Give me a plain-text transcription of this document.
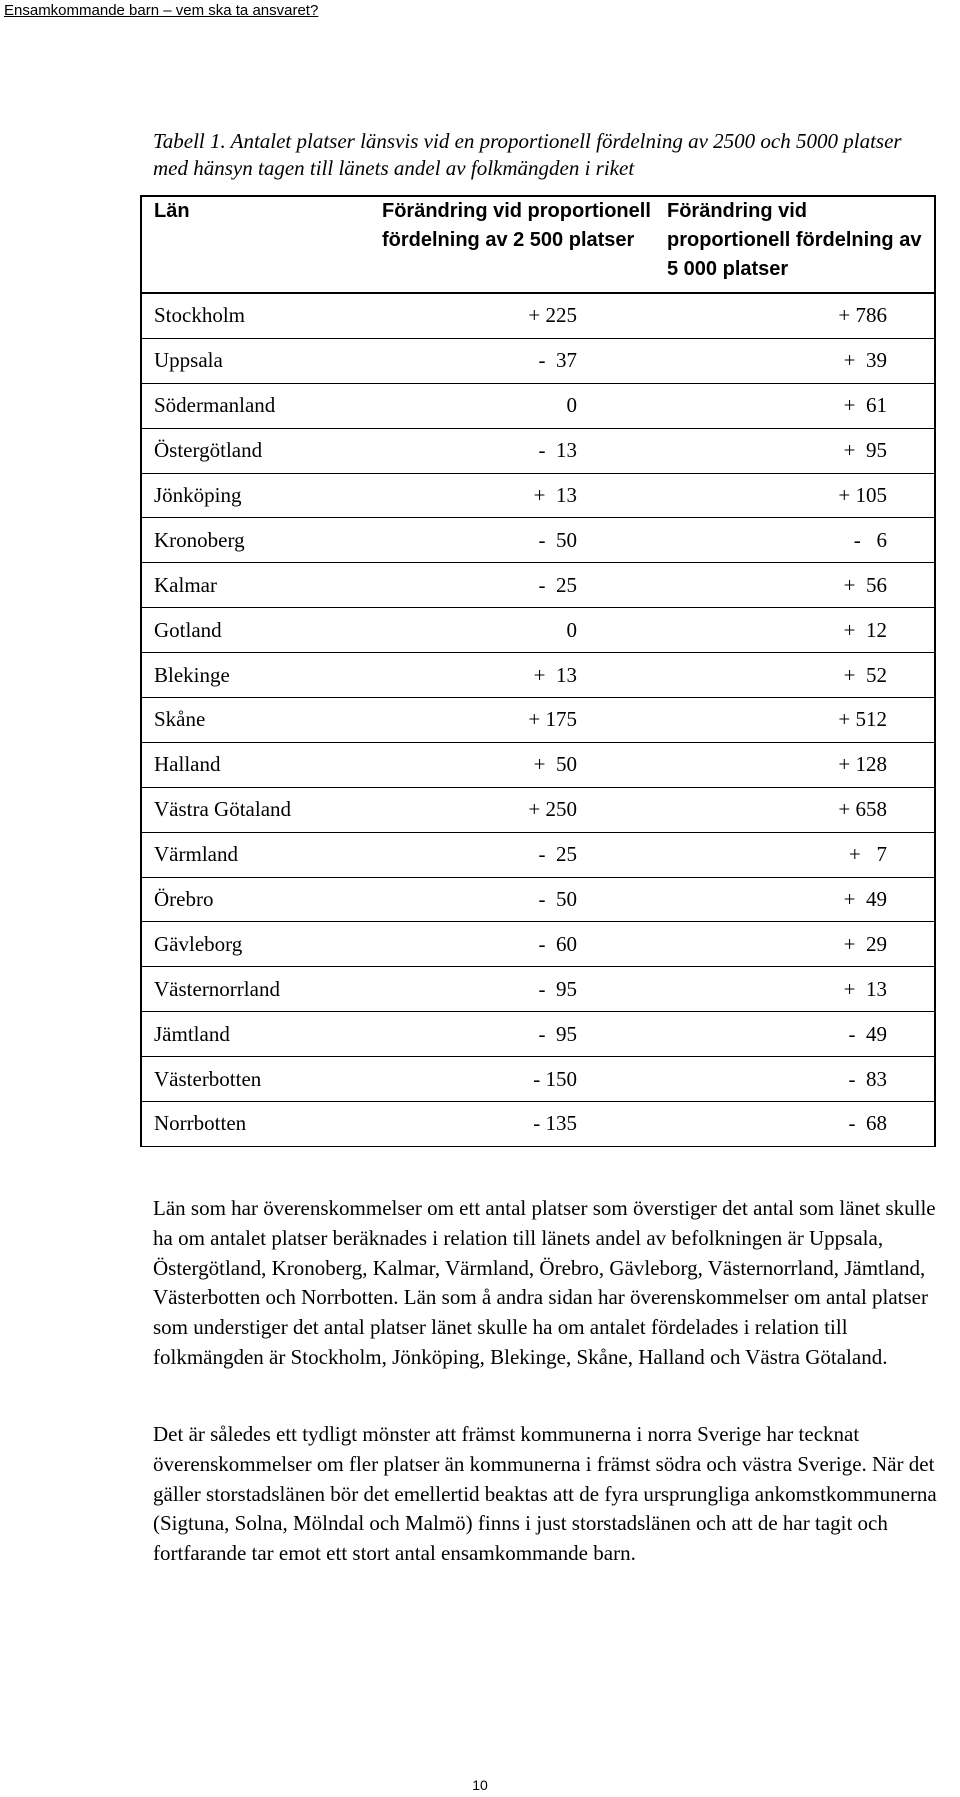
Ensamkommande barn – vem ska ta ansvaret?
Tabell 1. Antalet platser länsvis vid en proportionell fördelning av 2500 och 5000 platser med hänsyn tagen till länets andel av folkmängden i riket
Län	Förändring vid proportionell fördelning av 2 500 platser	Förändring vid proportionell fördelning av 5 000 platser
Stockholm	+ 225	+ 786
Uppsala	-  37	+  39
Södermanland	0	+  61
Östergötland	-  13	+  95
Jönköping	+  13	+ 105
Kronoberg	-  50	-   6
Kalmar	-  25	+  56
Gotland	0	+  12
Blekinge	+  13	+  52
Skåne	+ 175	+ 512
Halland	+  50	+ 128
Västra Götaland	+ 250	+ 658
Värmland	-  25	+   7
Örebro	-  50	+  49
Gävleborg	-  60	+  29
Västernorrland	-  95	+  13
Jämtland	-  95	-  49
Västerbotten	- 150	-  83
Norrbotten	- 135	-  68

Län som har överenskommelser om ett antal platser som överstiger det antal som länet skulle ha om antalet platser beräknades i relation till länets andel av befolkningen är Uppsala, Östergötland, Kronoberg, Kalmar, Värmland, Örebro, Gävleborg, Västernorrland, Jämtland, Västerbotten och Norrbotten. Län som å andra sidan har överenskommelser om antal platser som understiger det antal platser länet skulle ha om antalet fördelades i relation till folkmängden är Stockholm, Jönköping, Blekinge, Skåne, Halland och Västra Götaland.

Det är således ett tydligt mönster att främst kommunerna i norra Sverige har tecknat överenskommelser om fler platser än kommunerna i främst södra och västra Sverige. När det gäller storstadslänen bör det emellertid beaktas att de fyra ursprungliga ankomstkommunerna (Sigtuna, Solna, Mölndal och Malmö) finns i just storstadslänen och att de har tagit och fortfarande tar emot ett stort antal ensamkommande barn.

10
